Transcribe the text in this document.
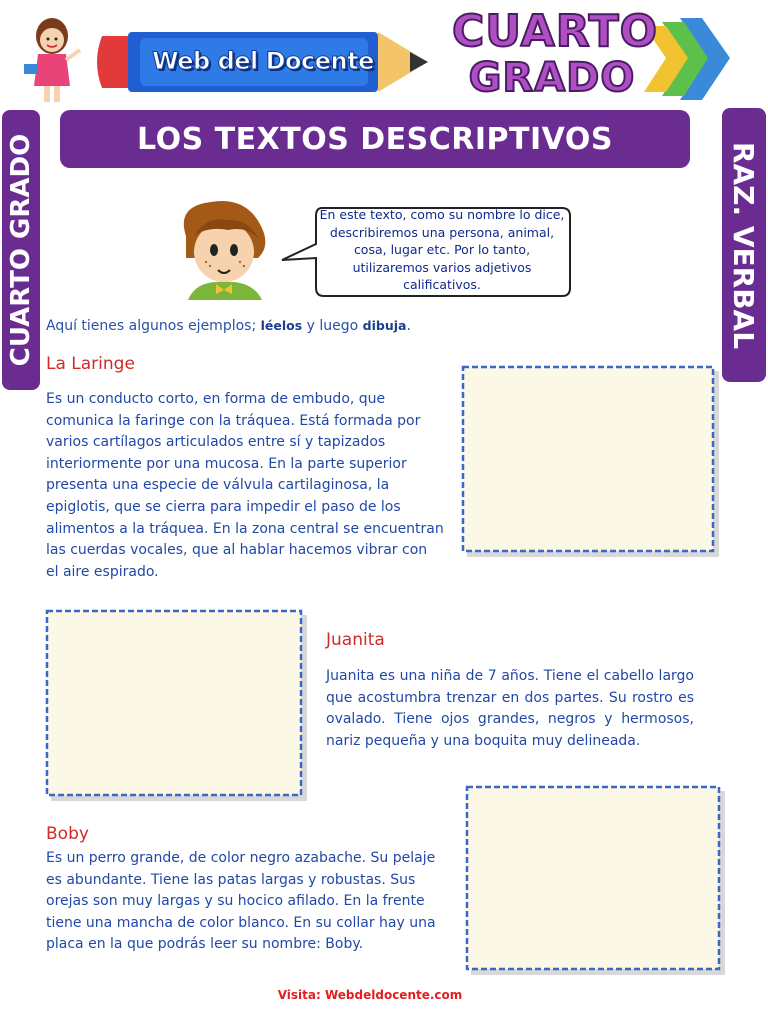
Web del Docente
CUARTO
GRADO
LOS TEXTOS DESCRIPTIVOS
CUARTO GRADO	RAZ. VERBAL
En este texto, como su nombre lo dice, describiremos una persona, animal, cosa, lugar etc. Por lo tanto, utilizaremos varios adjetivos calificativos.
Aquí tienes algunos ejemplos; léelos y luego dibuja.
La Laringe
Es un conducto corto, en forma de embudo, que comunica la faringe con la tráquea. Está formada por varios cartílagos articulados entre sí y tapizados interiormente por una mucosa. En la parte superior presenta una especie de válvula cartilaginosa, la epiglotis, que se cierra para impedir el paso de los alimentos a la tráquea. En la zona central se encuentran las cuerdas vocales, que al hablar hacemos vibrar con el aire espirado.
Juanita
Juanita es una niña de 7 años. Tiene el cabello largo que acostumbra trenzar en dos partes. Su rostro es ovalado. Tiene ojos grandes, negros y hermosos, nariz pequeña y una boquita muy delineada.
Boby
Es un perro grande, de color negro azabache. Su pelaje es abundante. Tiene las patas largas y robustas. Sus orejas son muy largas y su hocico afilado. En la frente tiene una mancha de color blanco. En su collar hay una placa en la que podrás leer su nombre: Boby.
Visita: Webdeldocente.com
